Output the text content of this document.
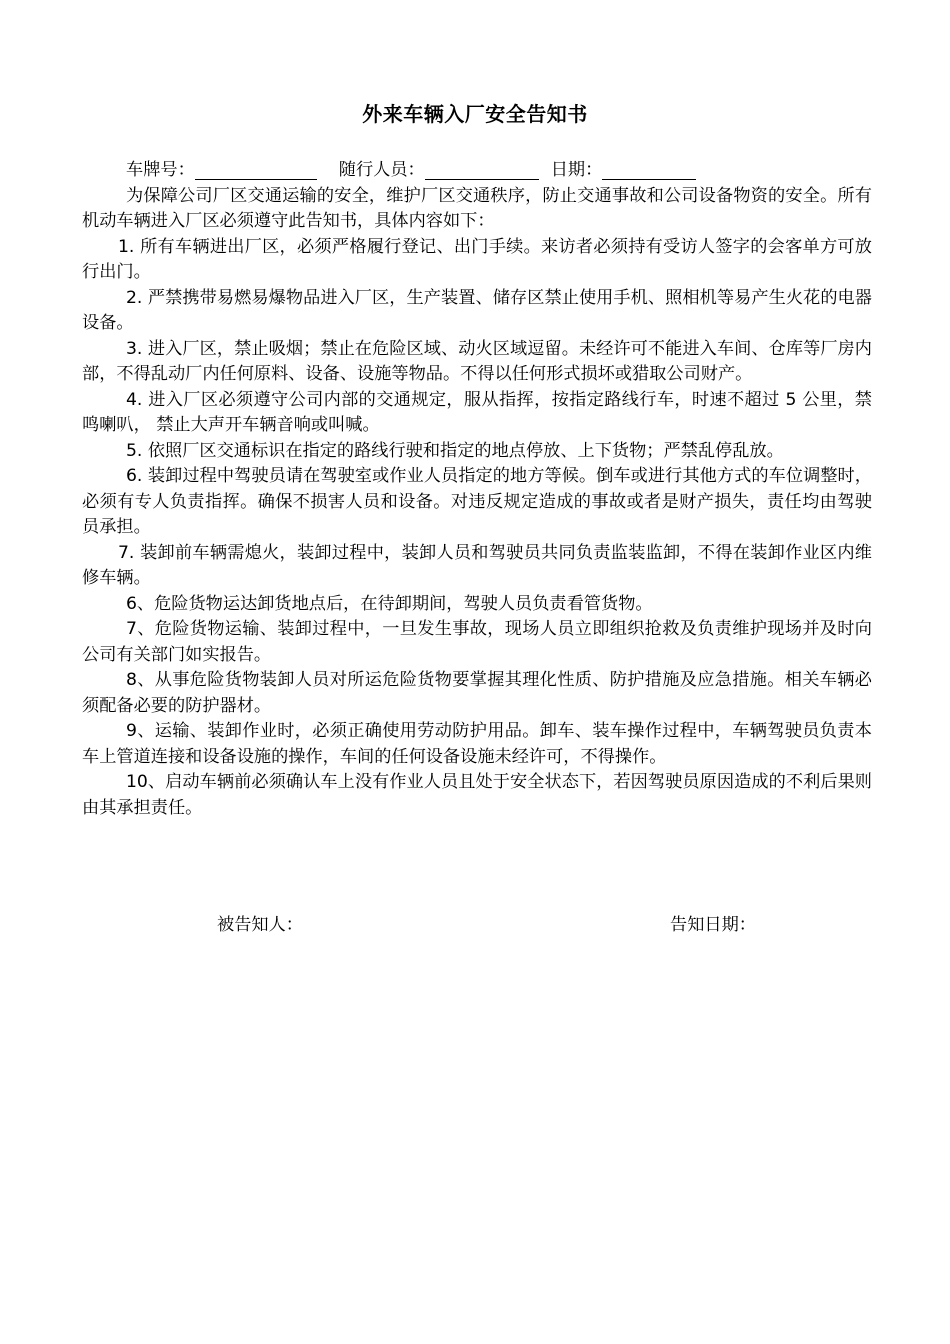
外来车辆入厂安全告知书
车牌号：	随行人员：	日期：

为保障公司厂区交通运输的安全，维护厂区交通秩序，防止交通事故和公司设备物资的安全。所有机动车辆进入厂区必须遵守此告知书，具体内容如下：

1. 所有车辆进出厂区，必须严格履行登记、出门手续。来访者必须持有受访人签字的会客单方可放行出门。

2. 严禁携带易燃易爆物品进入厂区，生产装置、储存区禁止使用手机、照相机等易产生火花的电器设备。

3. 进入厂区，禁止吸烟；禁止在危险区域、动火区域逗留。未经许可不能进入车间、仓库等厂房内部，不得乱动厂内任何原料、设备、设施等物品。不得以任何形式损坏或猎取公司财产。

4. 进入厂区必须遵守公司内部的交通规定，服从指挥，按指定路线行车，时速不超过 5 公里，禁鸣喇叭， 禁止大声开车辆音响或叫喊。

5. 依照厂区交通标识在指定的路线行驶和指定的地点停放、上下货物；严禁乱停乱放。

6. 装卸过程中驾驶员请在驾驶室或作业人员指定的地方等候。倒车或进行其他方式的车位调整时，必须有专人负责指挥。确保不损害人员和设备。对违反规定造成的事故或者是财产损失，责任均由驾驶员承担。

7. 装卸前车辆需熄火，装卸过程中，装卸人员和驾驶员共同负责监装监卸，不得在装卸作业区内维修车辆。

6、危险货物运达卸货地点后，在待卸期间，驾驶人员负责看管货物。

7、危险货物运输、装卸过程中，一旦发生事故，现场人员立即组织抢救及负责维护现场并及时向公司有关部门如实报告。

8、从事危险货物装卸人员对所运危险货物要掌握其理化性质、防护措施及应急措施。相关车辆必须配备必要的防护器材。

9、运输、装卸作业时，必须正确使用劳动防护用品。卸车、装车操作过程中，车辆驾驶员负责本车上管道连接和设备设施的操作，车间的任何设备设施未经许可，不得操作。

10、启动车辆前必须确认车上没有作业人员且处于安全状态下，若因驾驶员原因造成的不利后果则由其承担责任。

被告知人：	告知日期：
